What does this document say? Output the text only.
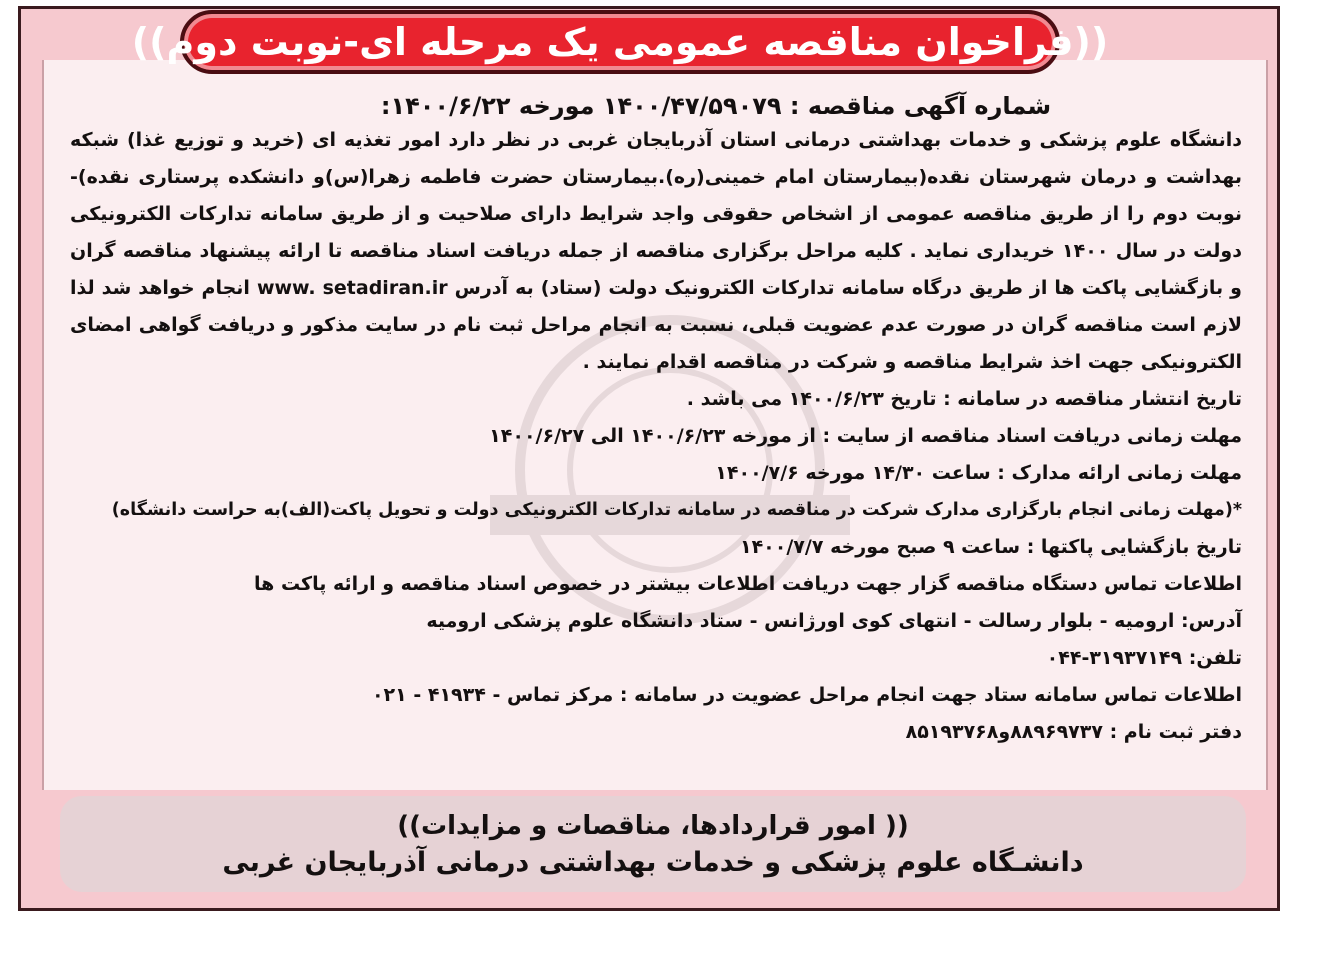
((فراخوان مناقصه عمومی یک مرحله ای-نوبت دوم))
شماره آگهی مناقصه : ۱۴۰۰/۴۷/۵۹۰۷۹ مورخه ۱۴۰۰/۶/۲۲:
دانشگاه علوم پزشکی و خدمات بهداشتی درمانی استان آذربایجان غربی در نظر دارد امور تغذیه ای (خرید و توزیع غذا) شبکه بهداشت و درمان شهرستان نقده(بیمارستان امام خمینی(ره).بیمارستان حضرت فاطمه زهرا(س)و دانشکده پرستاری نقده)-نوبت دوم را از طریق مناقصه عمومی از اشخاص حقوقی واجد شرایط دارای صلاحیت و از طریق سامانه تدارکات الکترونیکی دولت در سال ۱۴۰۰ خریداری نماید . کلیه مراحل برگزاری مناقصه از جمله دریافت اسناد مناقصه تا ارائه پیشنهاد مناقصه گران و بازگشایی پاکت ها از طریق درگاه سامانه تدارکات الکترونیک دولت (ستاد) به آدرس www. setadiran.ir انجام خواهد شد لذا لازم است مناقصه گران در صورت عدم عضویت قبلی، نسبت به انجام مراحل ثبت نام در سایت مذکور و دریافت گواهی امضای الکترونیکی جهت اخذ شرایط مناقصه و شرکت در مناقصه اقدام نمایند .
تاریخ انتشار مناقصه در سامانه : تاریخ ۱۴۰۰/۶/۲۳ می باشد .
مهلت زمانی دریافت اسناد مناقصه از سایت : از مورخه ۱۴۰۰/۶/۲۳ الی ۱۴۰۰/۶/۲۷
مهلت زمانی ارائه مدارک : ساعت ۱۴/۳۰ مورخه ۱۴۰۰/۷/۶
*(مهلت زمانی انجام بارگزاری مدارک شرکت در مناقصه در سامانه تدارکات الکترونیکی دولت و تحویل پاکت(الف)به حراست دانشگاه)
تاریخ بازگشایی پاکتها : ساعت ۹ صبح مورخه ۱۴۰۰/۷/۷
اطلاعات تماس دستگاه مناقصه گزار جهت دریافت اطلاعات بیشتر در خصوص اسناد مناقصه و ارائه پاکت ها
آدرس: ارومیه - بلوار رسالت - انتهای کوی اورژانس - ستاد دانشگاه علوم پزشکی ارومیه
تلفن: ۳۱۹۳۷۱۴۹-۰۴۴
اطلاعات تماس سامانه ستاد جهت انجام مراحل عضویت در سامانه : مرکز تماس - ۴۱۹۳۴ - ۰۲۱
دفتر ثبت نام : ۸۸۹۶۹۷۳۷و۸۵۱۹۳۷۶۸
(( امور قراردادها، مناقصات و مزایدات))
دانشـگاه علوم پزشکی و خدمات بهداشتی درمانی آذربایجان غربی
